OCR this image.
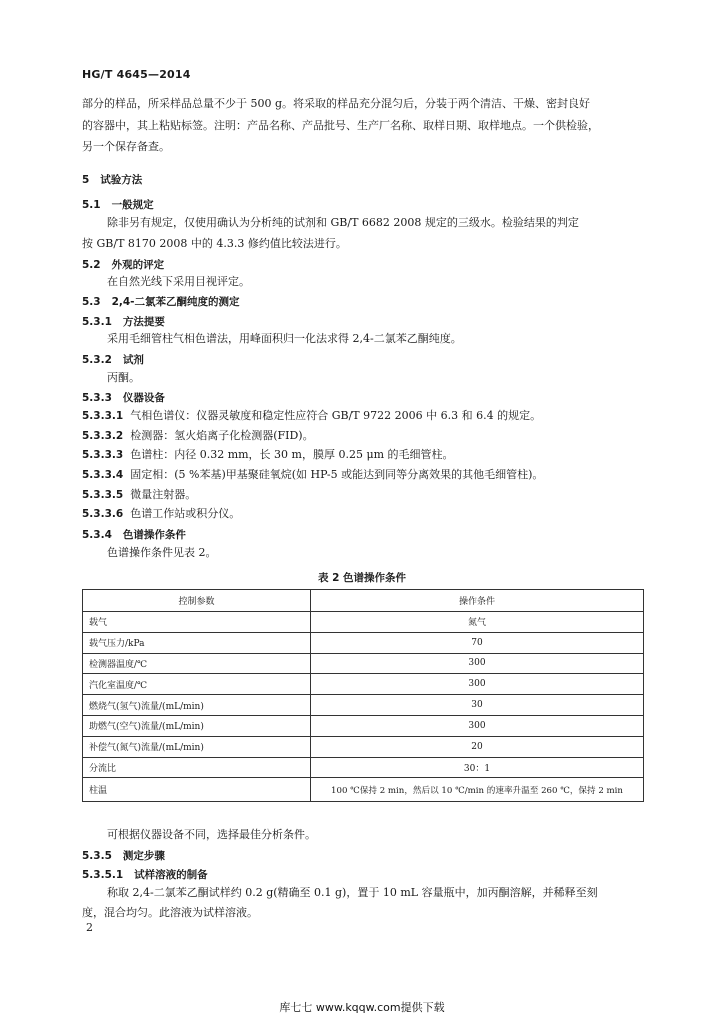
HG/T 4645—2014
部分的样品，所采样品总量不少于 500 g。将采取的样品充分混匀后，分装于两个清洁、干燥、密封良好
的容器中，其上粘贴标签。注明：产品名称、产品批号、生产厂名称、取样日期、取样地点。一个供检验，
另一个保存备查。
5 试验方法
5.1 一般规定
除非另有规定，仅使用确认为分析纯的试剂和 GB/T 6682 2008 规定的三级水。检验结果的判定
按 GB/T 8170 2008 中的 4.3.3 修约值比较法进行。
5.2 外观的评定
在自然光线下采用目视评定。
5.3 2,4-二氯苯乙酮纯度的测定
5.3.1 方法提要
采用毛细管柱气相色谱法，用峰面积归一化法求得 2,4-二氯苯乙酮纯度。
5.3.2 试剂
丙酮。
5.3.3 仪器设备
5.3.3.1 气相色谱仪：仪器灵敏度和稳定性应符合 GB/T 9722 2006 中 6.3 和 6.4 的规定。
5.3.3.2 检测器：氢火焰离子化检测器(FID)。
5.3.3.3 色谱柱：内径 0.32 mm，长 30 m，膜厚 0.25 μm 的毛细管柱。
5.3.3.4 固定相：(5 %苯基)甲基聚硅氧烷(如 HP-5 或能达到同等分离效果的其他毛细管柱)。
5.3.3.5 微量注射器。
5.3.3.6 色谱工作站或积分仪。
5.3.4 色谱操作条件
色谱操作条件见表 2。
表 2 色谱操作条件
控制参数	操作条件
载气	氮气
载气压力/kPa	70
检测器温度/℃	300
汽化室温度/℃	300
燃烧气(氢气)流量/(mL/min)	30
助燃气(空气)流量/(mL/min)	300
补偿气(氮气)流量/(mL/min)	20
分流比	30：1
柱温	100 ℃保持 2 min，然后以 10 ℃/min 的速率升温至 260 ℃，保持 2 min
可根据仪器设备不同，选择最佳分析条件。
5.3.5 测定步骤
5.3.5.1 试样溶液的制备
称取 2,4-二氯苯乙酮试样约 0.2 g(精确至 0.1 g)，置于 10 mL 容量瓶中，加丙酮溶解，并稀释至刻
度，混合均匀。此溶液为试样溶液。
2
库七七 www.kqqw.com提供下载
